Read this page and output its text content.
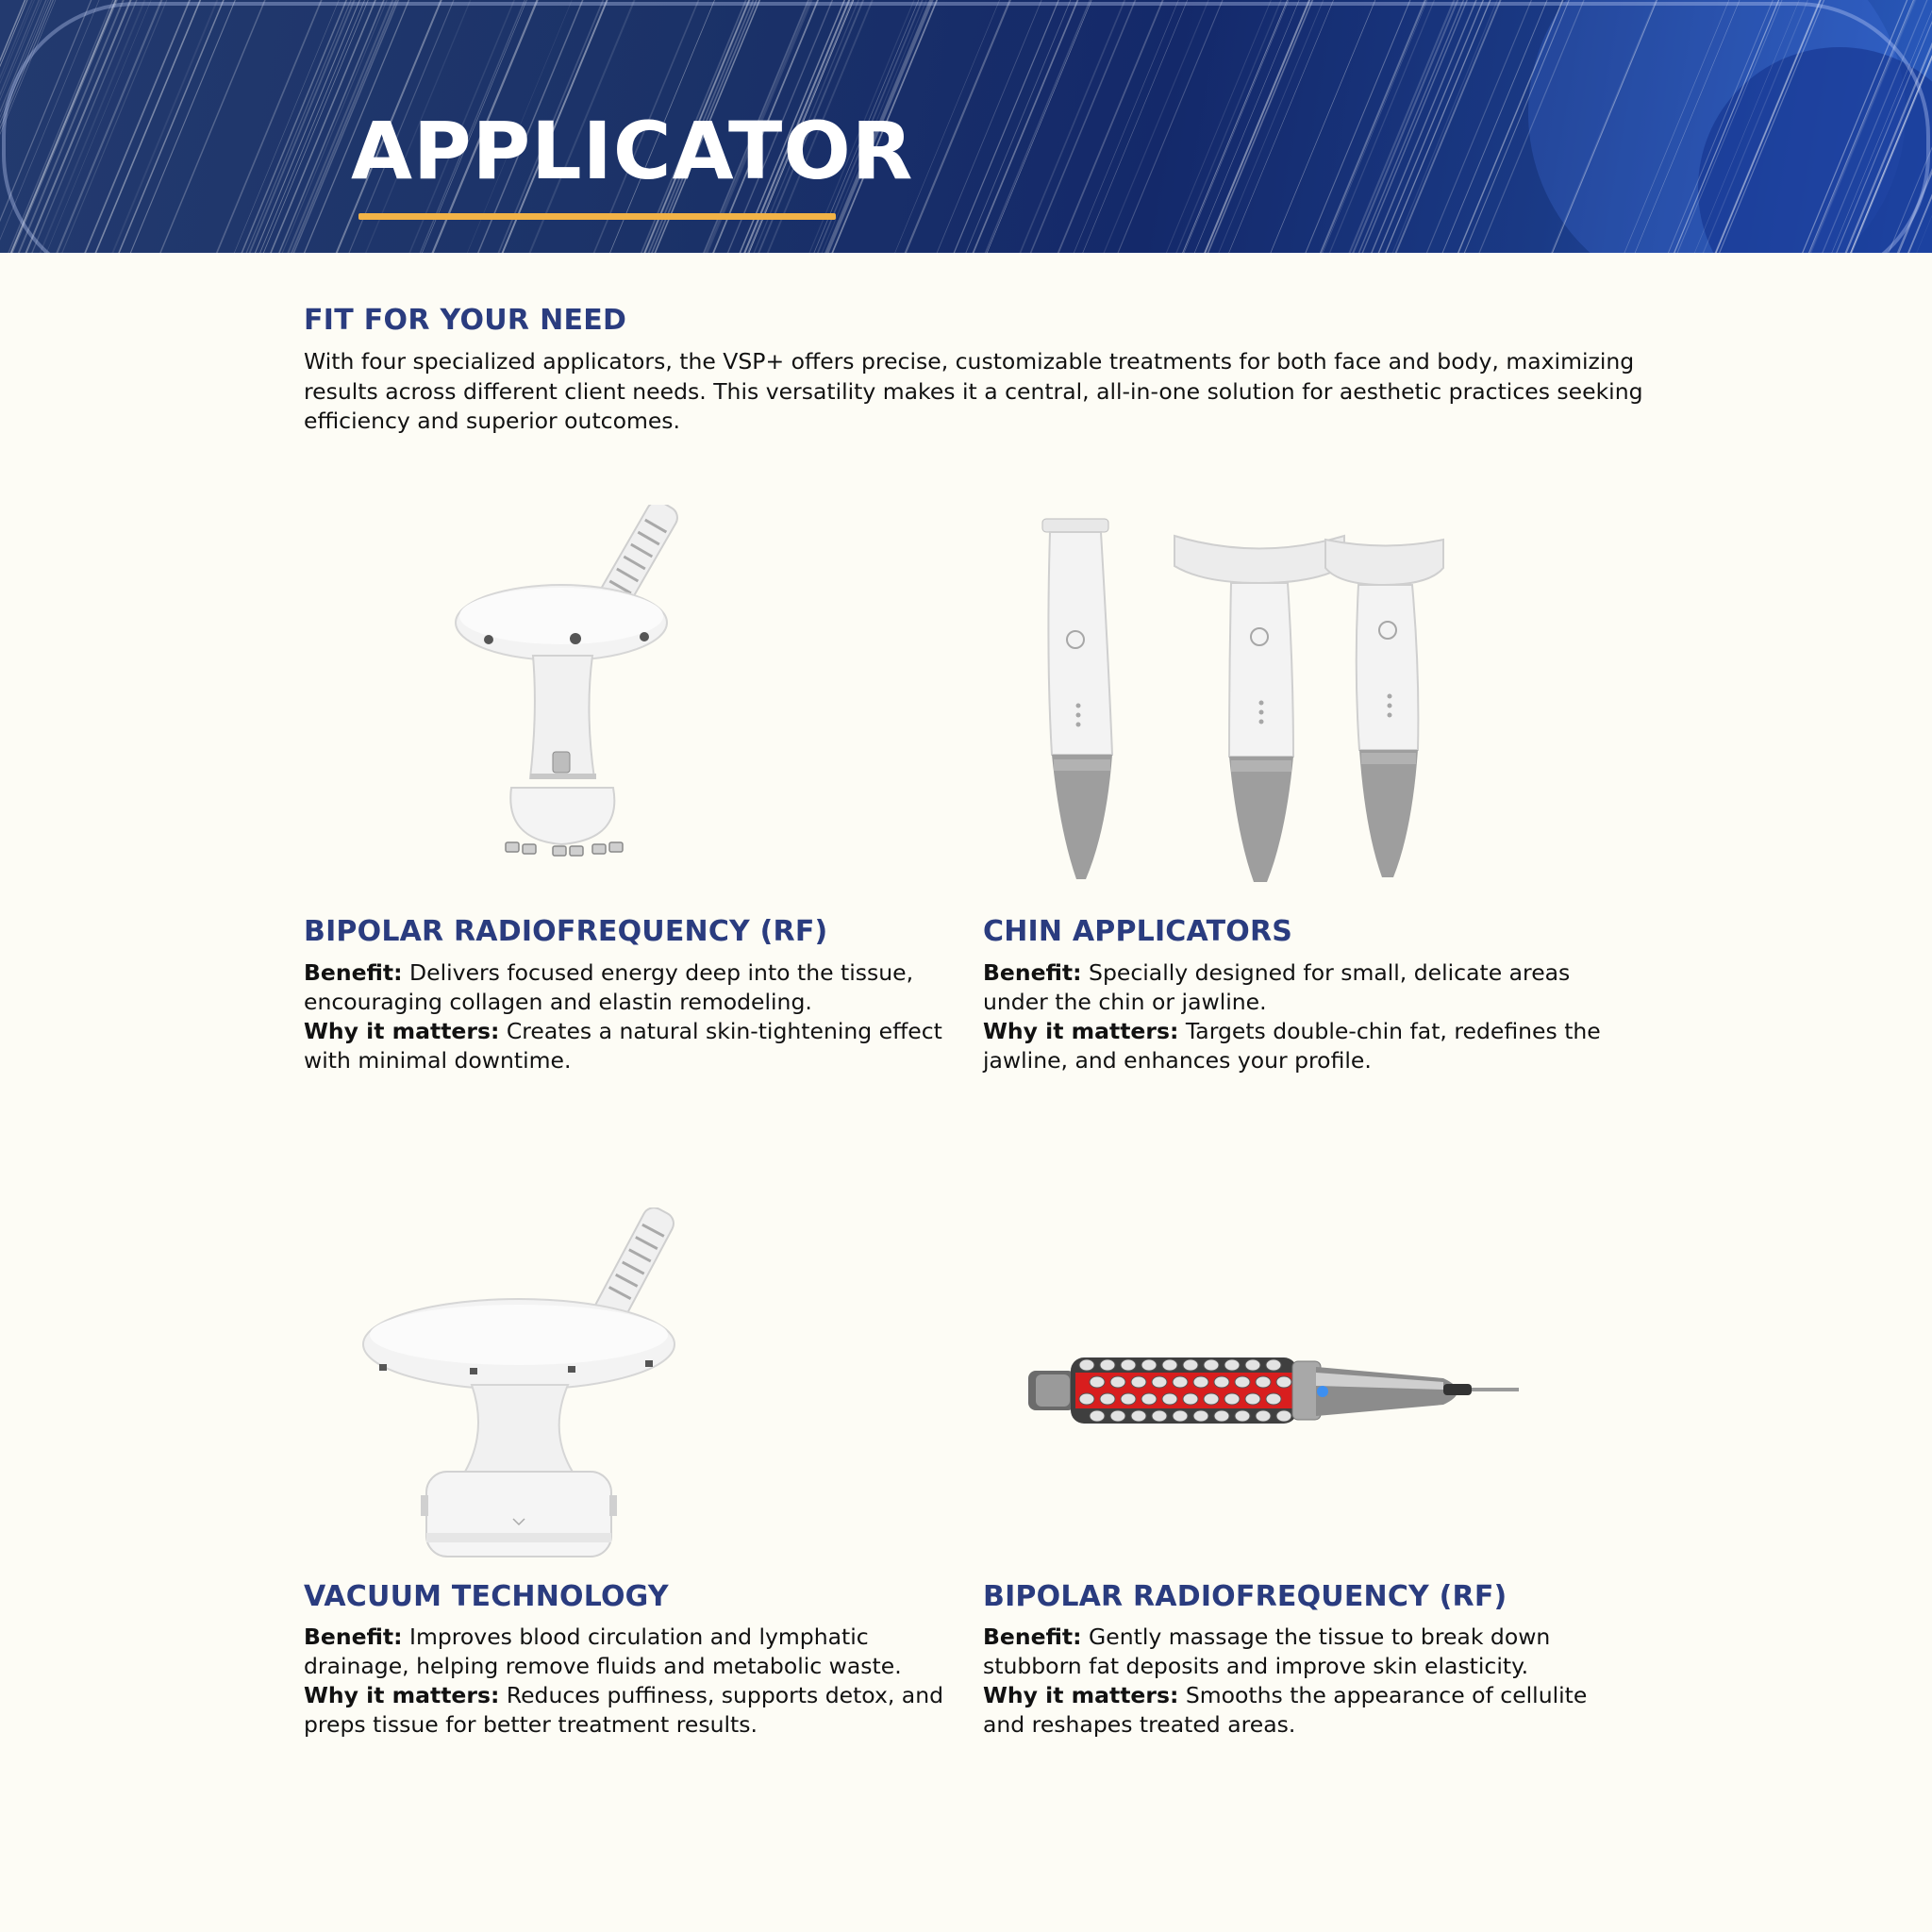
APPLICATOR
FIT FOR YOUR NEED
With four specialized applicators, the VSP+ offers precise, customizable treatments for both face and body, maximizing results across different client needs. This versatility makes it a central, all-in-one solution for aesthetic practices seeking efficiency and superior outcomes.
BIPOLAR RADIOFREQUENCY (RF)
Benefit: Delivers focused energy deep into the tissue, encouraging collagen and elastin remodeling.
Why it matters: Creates a natural skin-tightening effect with minimal downtime.
CHIN APPLICATORS
Benefit: Specially designed for small, delicate areas under the chin or jawline.
Why it matters: Targets double-chin fat, redefines the jawline, and enhances your profile.
VACUUM TECHNOLOGY
Benefit: Improves blood circulation and lymphatic drainage, helping remove fluids and metabolic waste.
Why it matters: Reduces puffiness, supports detox, and preps tissue for better treatment results.
BIPOLAR RADIOFREQUENCY (RF)
Benefit: Gently massage the tissue to break down stubborn fat deposits and improve skin elasticity.
Why it matters: Smooths the appearance of cellulite and reshapes treated areas.
